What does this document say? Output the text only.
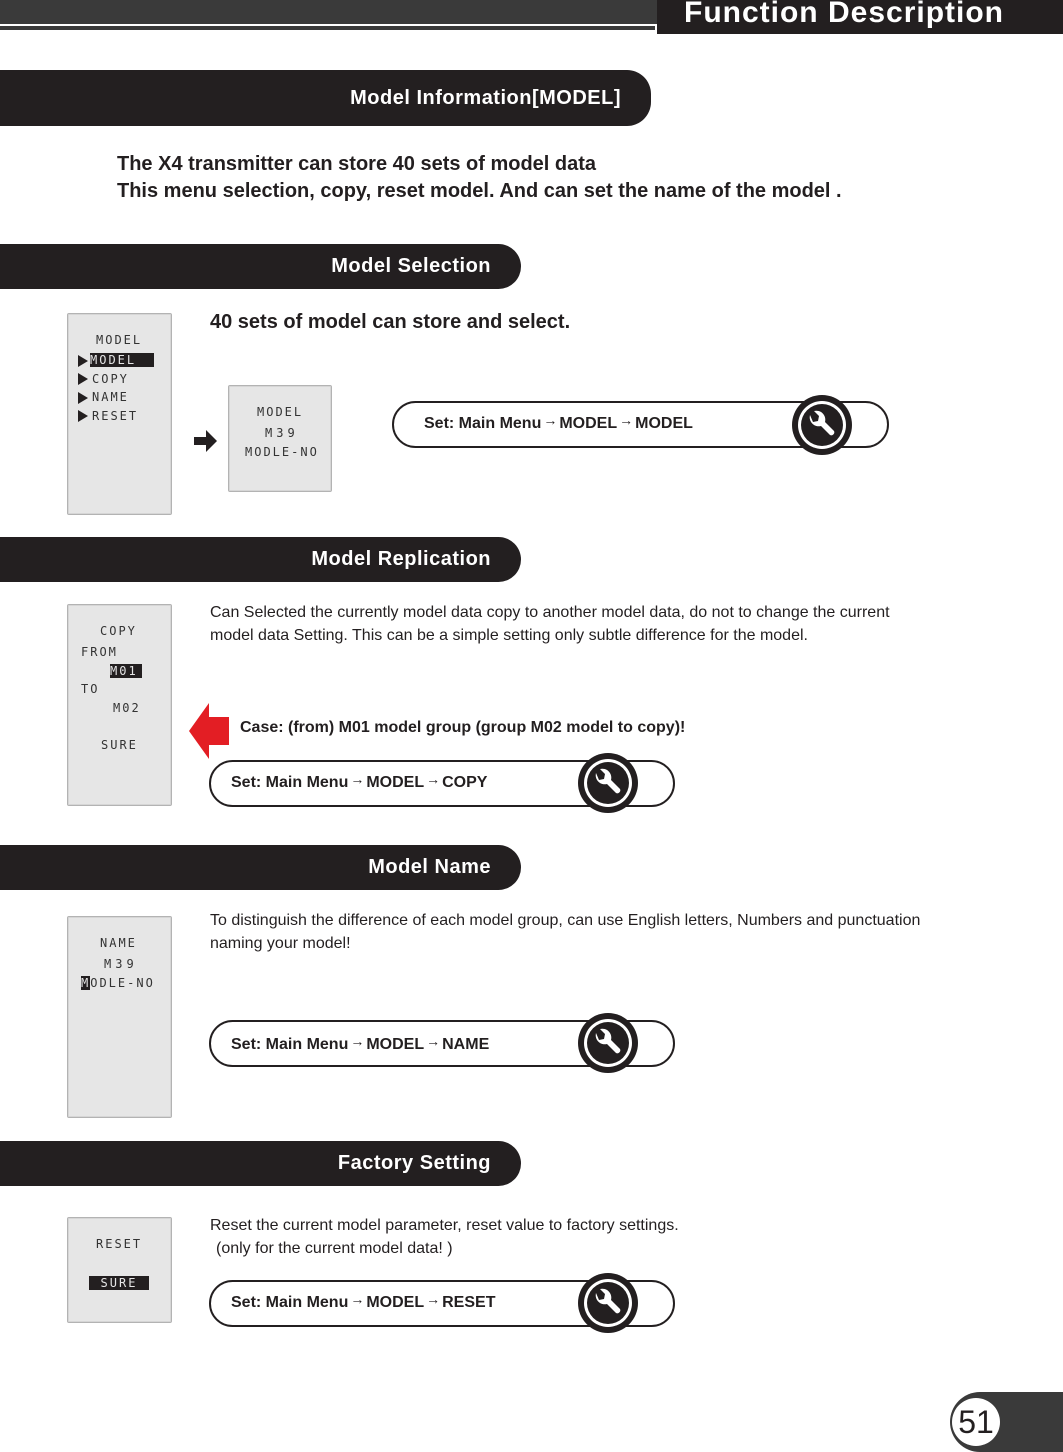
Function Description
Model Information[MODEL]
The X4 transmitter can store 40 sets of model data
This menu selection, copy, reset model. And can set the name of the model .
Model Selection
MODEL
MODEL
COPY
NAME
RESET	MODEL
M39
MODLE-NO
40 sets of model can store and select.
Set: Main Menu → MODEL → MODEL
Model Replication
COPY
FROM
M01
TO
M02
SURE
Can Selected the currently model data copy to another model data, do not to change the current model data Setting. This can be a simple setting only subtle difference for the model.
Case: (from) M01 model group (group M02 model to copy)!
Set: Main Menu → MODEL → COPY
Model Name
NAME
M39
MODLE-NO
To distinguish the difference of each model group, can use English letters, Numbers and punctuation naming your model!
Set: Main Menu → MODEL → NAME
Factory Setting
RESET
SURE
Reset the current model parameter, reset value to factory settings.
(only for the current model data! )
Set: Main Menu → MODEL → RESET
51
